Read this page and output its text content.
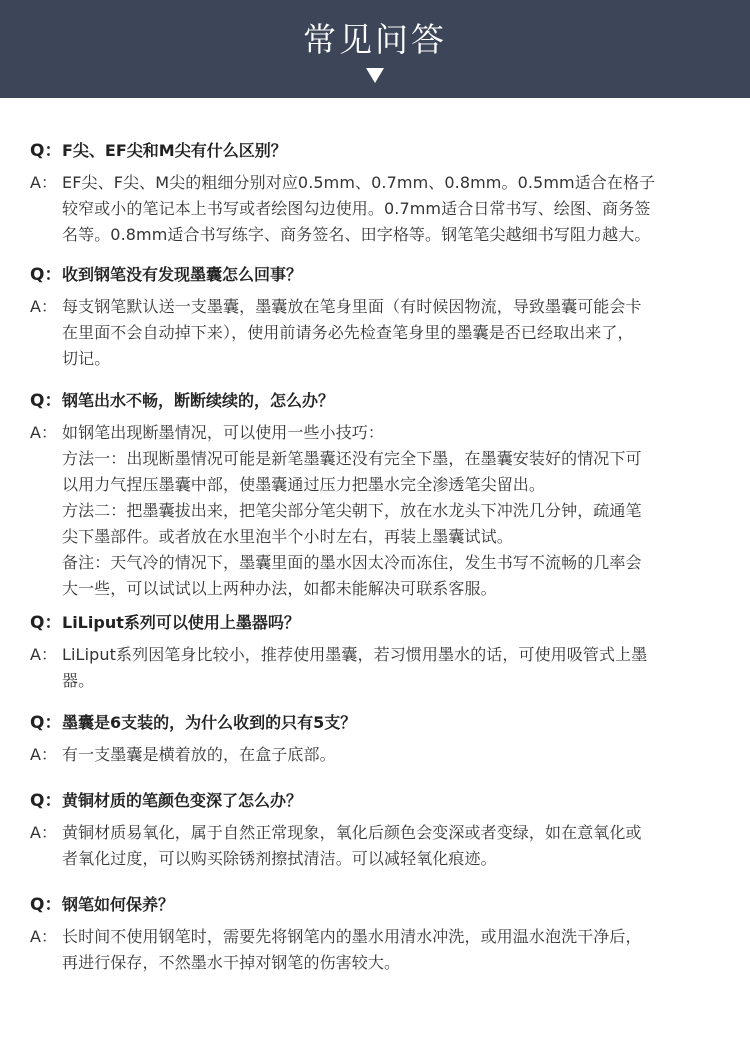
常见问答
Q： F尖、EF尖和M尖有什么区别？
A： EF尖、F尖、M尖的粗细分别对应0.5mm、0.7mm、0.8mm。0.5mm适合在格子
较窄或小的笔记本上书写或者绘图勾边使用。0.7mm适合日常书写、绘图、商务签
名等。0.8mm适合书写练字、商务签名、田字格等。钢笔笔尖越细书写阻力越大。
Q： 收到钢笔没有发现墨囊怎么回事？
A： 每支钢笔默认送一支墨囊，墨囊放在笔身里面（有时候因物流，导致墨囊可能会卡
在里面不会自动掉下来），使用前请务必先检查笔身里的墨囊是否已经取出来了，
切记。
Q： 钢笔出水不畅，断断续续的，怎么办？
A： 如钢笔出现断墨情况，可以使用一些小技巧：
方法一：出现断墨情况可能是新笔墨囊还没有完全下墨，在墨囊安装好的情况下可
以用力气捏压墨囊中部，使墨囊通过压力把墨水完全渗透笔尖留出。
方法二：把墨囊拔出来，把笔尖部分笔尖朝下，放在水龙头下冲洗几分钟，疏通笔
尖下墨部件。或者放在水里泡半个小时左右，再装上墨囊试试。
备注：天气冷的情况下，墨囊里面的墨水因太冷而冻住，发生书写不流畅的几率会
大一些，可以试试以上两种办法，如都未能解决可联系客服。
Q： LiLiput系列可以使用上墨器吗？
A： LiLiput系列因笔身比较小，推荐使用墨囊，若习惯用墨水的话，可使用吸管式上墨
器。
Q： 墨囊是6支装的，为什么收到的只有5支？
A： 有一支墨囊是横着放的，在盒子底部。
Q： 黄铜材质的笔颜色变深了怎么办？
A： 黄铜材质易氧化，属于自然正常现象，氧化后颜色会变深或者变绿，如在意氧化或
者氧化过度，可以购买除锈剂擦拭清洁。可以减轻氧化痕迹。
Q： 钢笔如何保养？
A： 长时间不使用钢笔时，需要先将钢笔内的墨水用清水冲洗，或用温水泡洗干净后，
再进行保存，不然墨水干掉对钢笔的伤害较大。
